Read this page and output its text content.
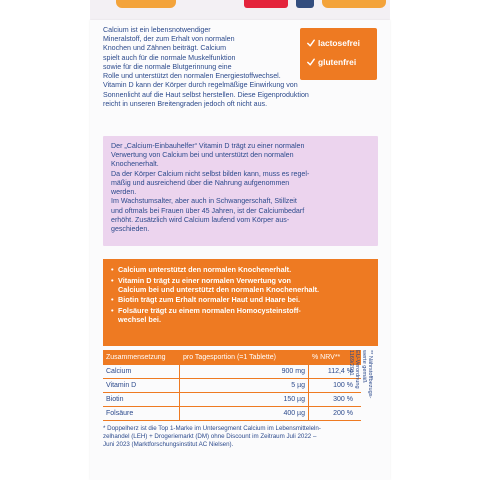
Calcium ist ein lebensnotwendiger
Mineralstoff, der zum Erhalt von normalen
Knochen und Zähnen beiträgt. Calcium
spielt auch für die normale Muskelfunktion
sowie für die normale Blutgerinnung eine
Rolle und unterstützt den normalen Energiestoffwechsel.
Vitamin D kann der Körper durch regelmäßige Einwirkung von
Sonnenlicht auf die Haut selbst herstellen. Diese Eigenproduktion
reicht in unseren Breitengraden jedoch oft nicht aus.
lactosefrei
glutenfrei
Der „Calcium-Einbauhelfer“ Vitamin D trägt zu einer normalen
Verwertung von Calcium bei und unterstützt den normalen
Knochenerhalt.
Da der Körper Calcium nicht selbst bilden kann, muss es regel-
mäßig und ausreichend über die Nahrung aufgenommen
werden.
Im Wachstumsalter, aber auch in Schwangerschaft, Stillzeit
und oftmals bei Frauen über 45 Jahren, ist der Calciumbedarf
erhöht. Zusätzlich wird Calcium laufend vom Körper aus-
geschieden.
• Calcium unterstützt den normalen Knochenerhalt.
• Vitamin D trägt zu einer normalen Verwertung von
Calcium bei und unterstützt den normalen Knochenerhalt.
• Biotin trägt zum Erhalt normaler Haut und Haare bei.
• Folsäure trägt zu einem normalen Homocysteinstoff-
wechsel bei.
Zusammensetzung	pro Tagesportion (=1 Tablette)	% NRV**
Calcium	900 mg	112,4 %
Vitamin D	5 µg	100 %
Biotin	150 µg	300 %
Folsäure	400 µg	200 %
** Nährstoffbezugs-
werte gemäß
EU-Verordnung
1169/2011
* Doppelherz ist die Top 1-Marke im Untersegment Calcium im Lebensmitteleln-
zelhandel (LEH) + Drogeriemarkt (DM) ohne Discount im Zeitraum Juli 2022 –
Juni 2023 (Marktforschungsinstitut AC Nielsen).
